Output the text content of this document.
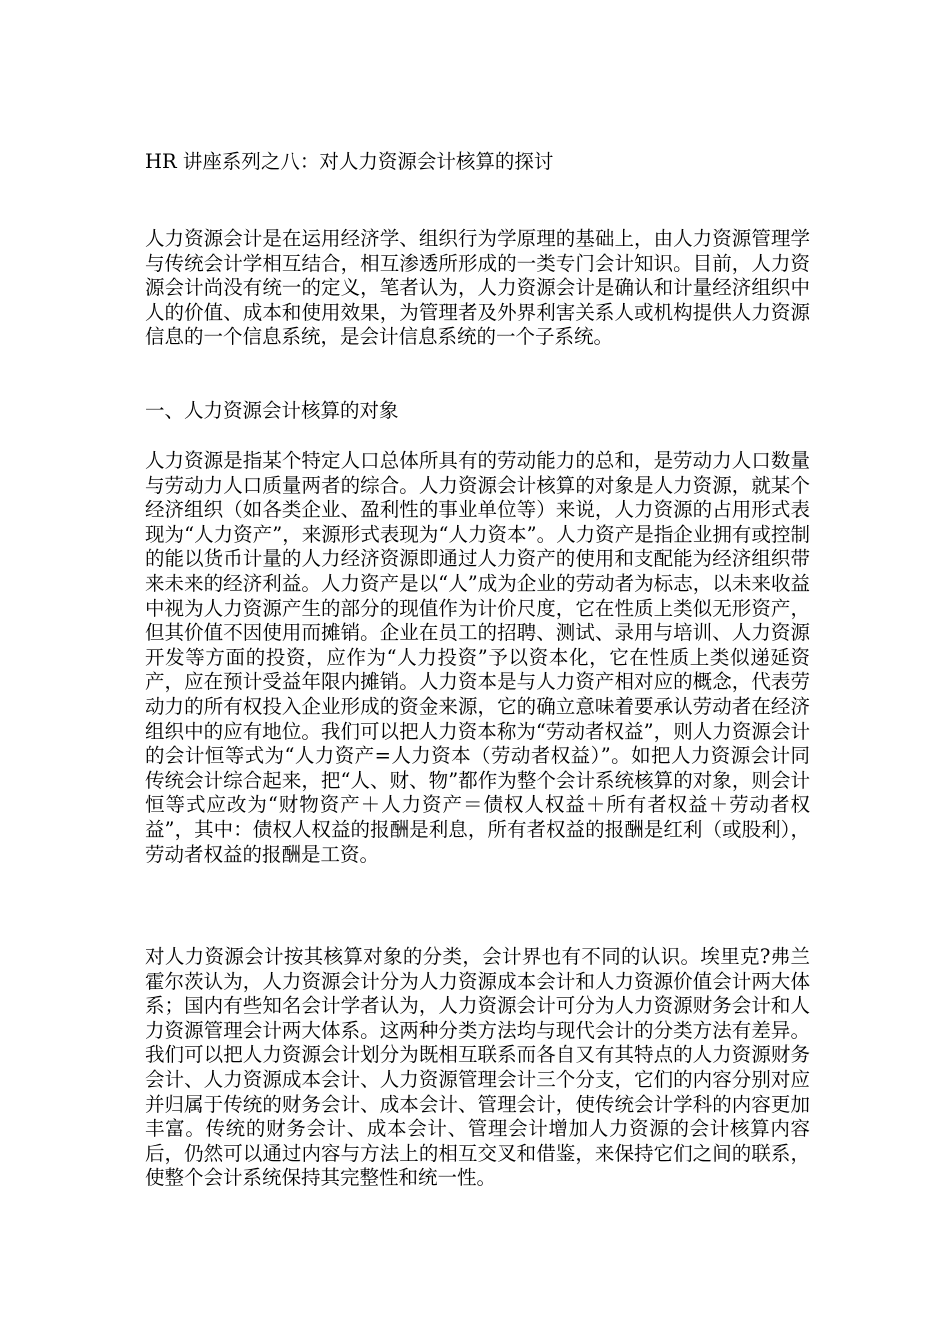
HR 讲座系列之八：对人力资源会计核算的探讨

人力资源会计是在运用经济学、组织行为学原理的基础上，由人力资源管理学与传统会计学相互结合，相互渗透所形成的一类专门会计知识。目前，人力资源会计尚没有统一的定义，笔者认为，人力资源会计是确认和计量经济组织中人的价值、成本和使用效果，为管理者及外界利害关系人或机构提供人力资源信息的一个信息系统，是会计信息系统的一个子系统。

一、人力资源会计核算的对象

人力资源是指某个特定人口总体所具有的劳动能力的总和，是劳动力人口数量与劳动力人口质量两者的综合。人力资源会计核算的对象是人力资源，就某个经济组织（如各类企业、盈利性的事业单位等）来说，人力资源的占用形式表现为“人力资产”，来源形式表现为“人力资本”。人力资产是指企业拥有或控制的能以货币计量的人力经济资源即通过人力资产的使用和支配能为经济组织带来未来的经济利益。人力资产是以“人”成为企业的劳动者为标志，以未来收益中视为人力资源产生的部分的现值作为计价尺度，它在性质上类似无形资产，但其价值不因使用而摊销。企业在员工的招聘、测试、录用与培训、人力资源开发等方面的投资，应作为“人力投资”予以资本化，它在性质上类似递延资产，应在预计受益年限内摊销。人力资本是与人力资产相对应的概念，代表劳动力的所有权投入企业形成的资金来源，它的确立意味着要承认劳动者在经济组织中的应有地位。我们可以把人力资本称为“劳动者权益”，则人力资源会计的会计恒等式为“人力资产=人力资本（劳动者权益）”。如把人力资源会计同传统会计综合起来，把“人、财、物”都作为整个会计系统核算的对象，则会计恒等式应改为“财物资产＋人力资产＝债权人权益＋所有者权益＋劳动者权益”，其中：债权人权益的报酬是利息，所有者权益的报酬是红利（或股利），劳动者权益的报酬是工资。

对人力资源会计按其核算对象的分类，会计界也有不同的认识。埃里克?弗兰霍尔茨认为，人力资源会计分为人力资源成本会计和人力资源价值会计两大体系；国内有些知名会计学者认为，人力资源会计可分为人力资源财务会计和人力资源管理会计两大体系。这两种分类方法均与现代会计的分类方法有差异。我们可以把人力资源会计划分为既相互联系而各自又有其特点的人力资源财务会计、人力资源成本会计、人力资源管理会计三个分支，它们的内容分别对应并归属于传统的财务会计、成本会计、管理会计，使传统会计学科的内容更加丰富。传统的财务会计、成本会计、管理会计增加人力资源的会计核算内容后，仍然可以通过内容与方法上的相互交叉和借鉴，来保持它们之间的联系，使整个会计系统保持其完整性和统一性。
